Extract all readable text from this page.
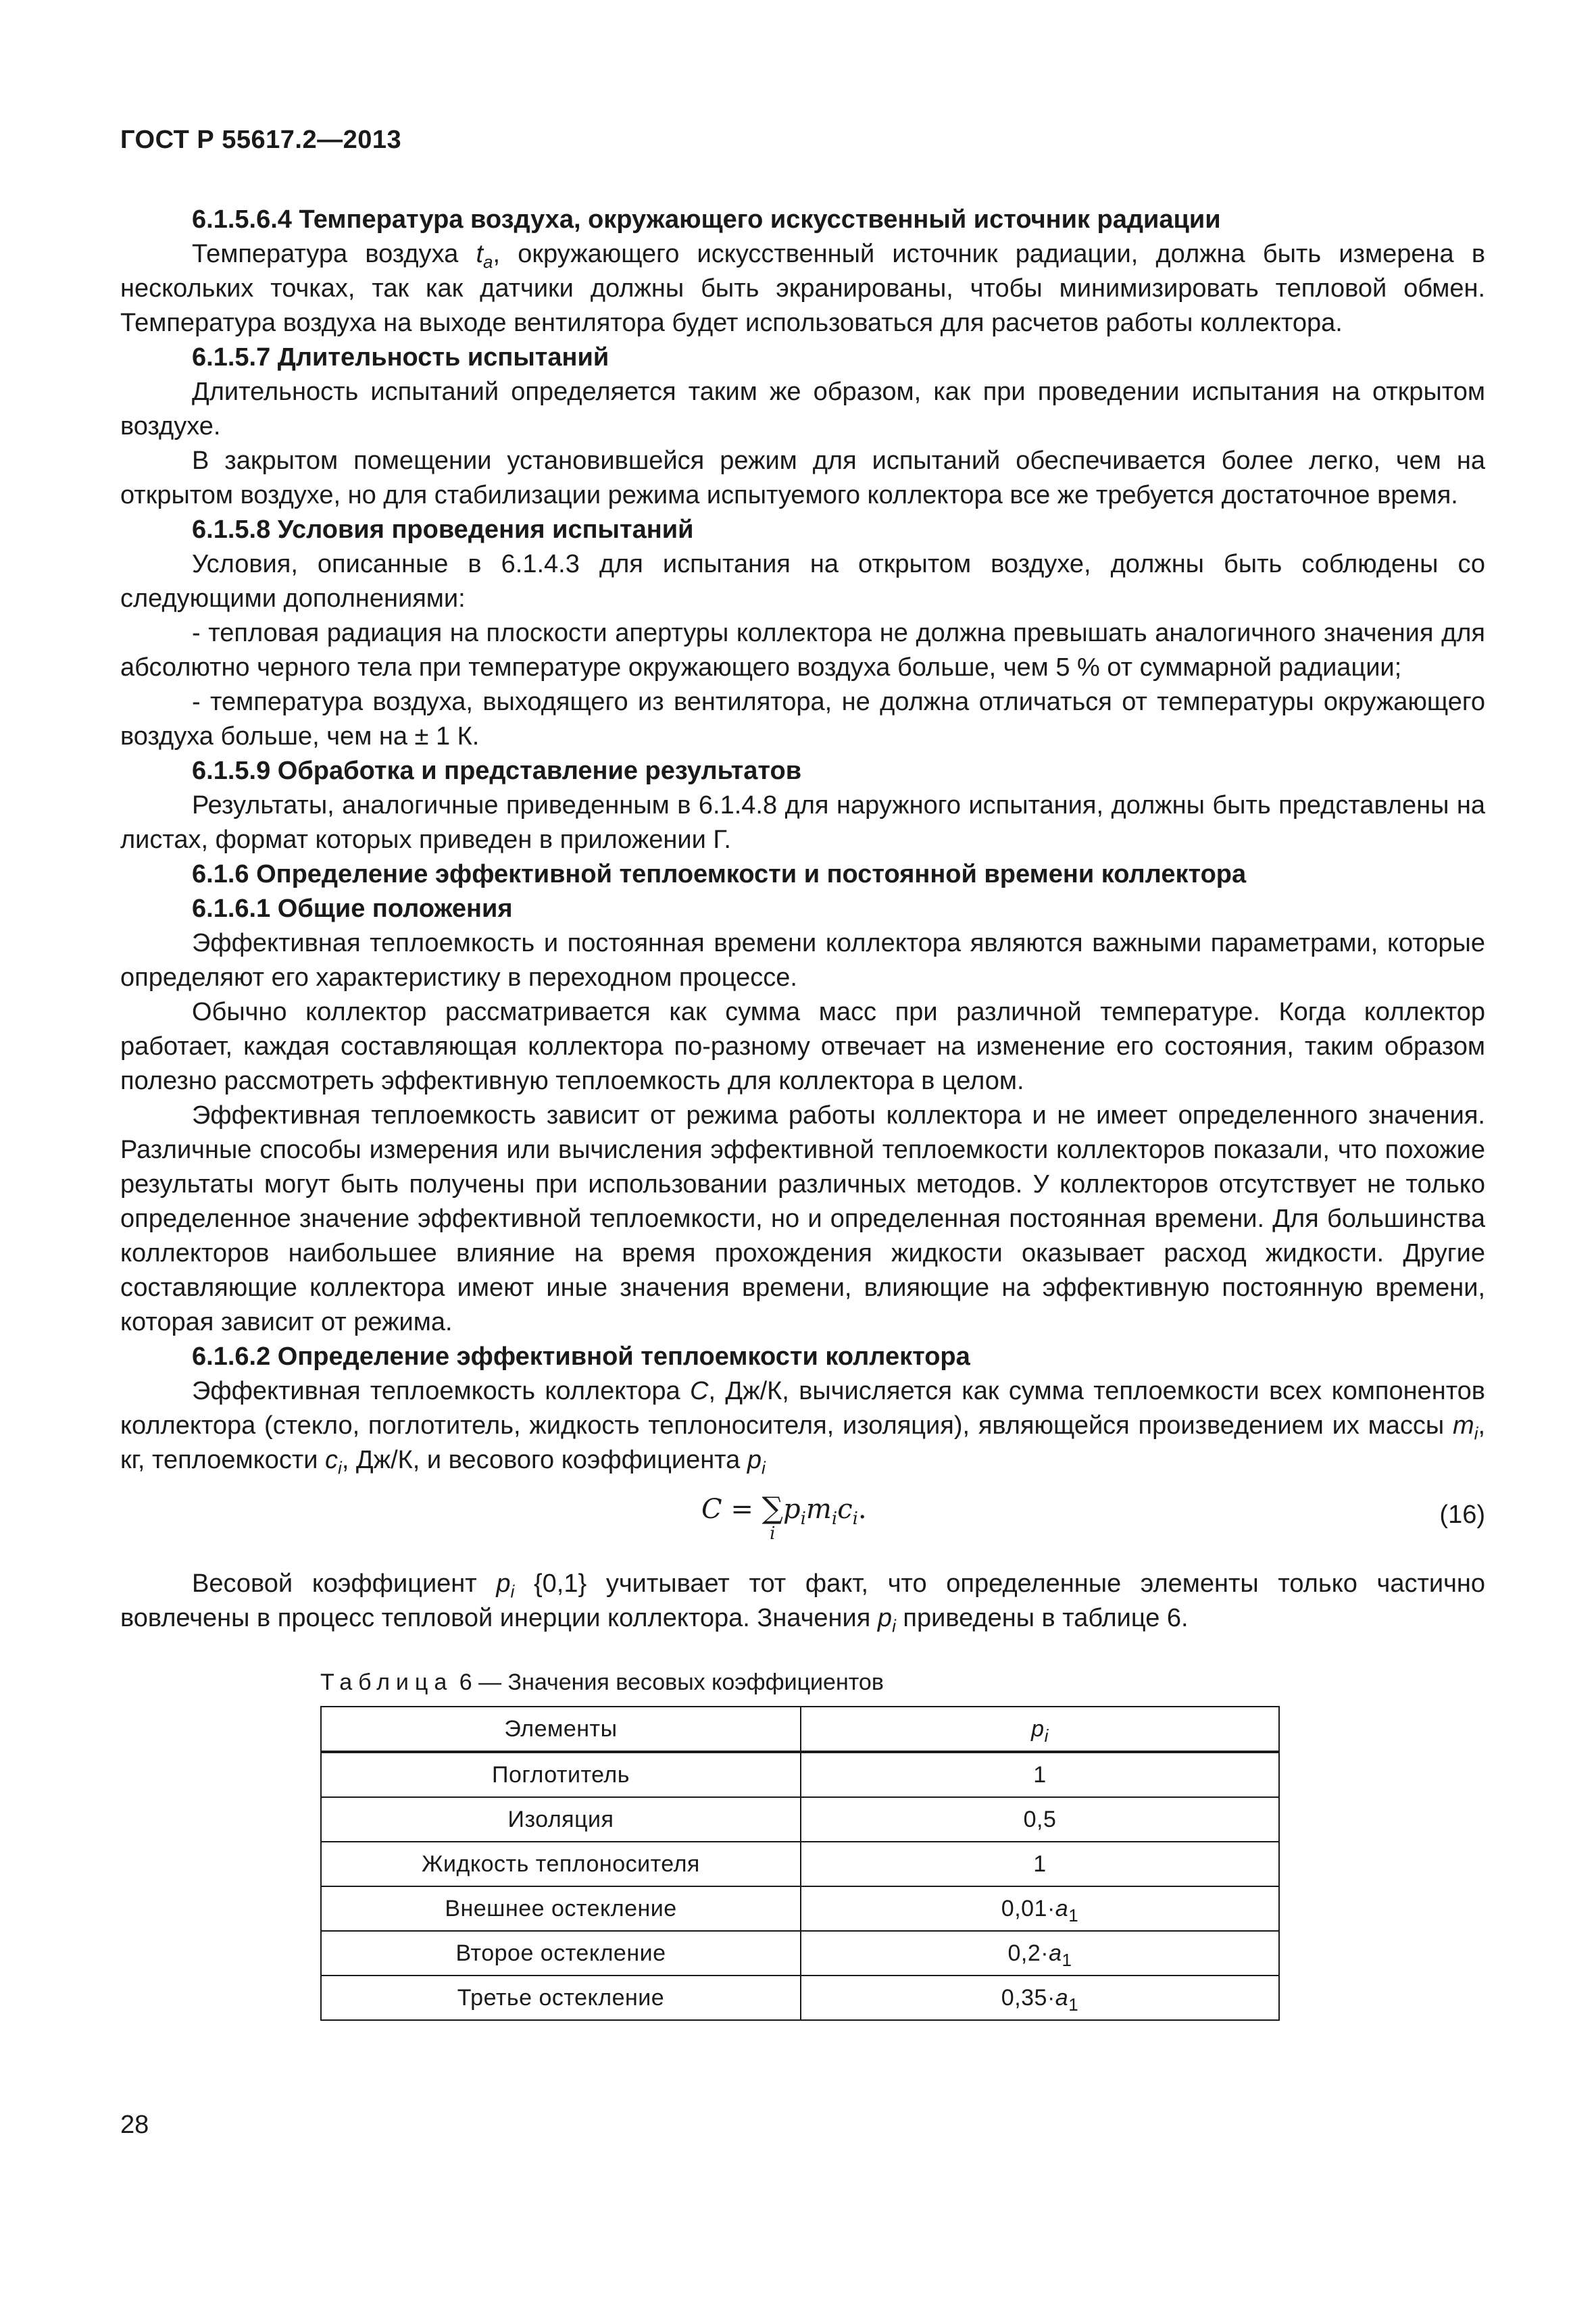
ГОСТ Р 55617.2—2013

6.1.5.6.4 Температура воздуха, окружающего искусственный источник радиации

Температура воздуха $t_a$, окружающего искусственный источник радиации, должна быть измерена в нескольких точках, так как датчики должны быть экранированы, чтобы минимизировать тепловой обмен. Температура воздуха на выходе вентилятора будет использоваться для расчетов работы коллектора.

6.1.5.7 Длительность испытаний

Длительность испытаний определяется таким же образом, как при проведении испытания на открытом воздухе.

В закрытом помещении установившейся режим для испытаний обеспечивается более легко, чем на открытом воздухе, но для стабилизации режима испытуемого коллектора все же требуется достаточное время.

6.1.5.8 Условия проведения испытаний

Условия, описанные в 6.1.4.3 для испытания на открытом воздухе, должны быть соблюдены со следующими дополнениями:

- тепловая радиация на плоскости апертуры коллектора не должна превышать аналогичного значения для абсолютно черного тела при температуре окружающего воздуха больше, чем 5 % от суммарной радиации;

- температура воздуха, выходящего из вентилятора, не должна отличаться от температуры окружающего воздуха больше, чем на ± 1 К.

6.1.5.9 Обработка и представление результатов

Результаты, аналогичные приведенным в 6.1.4.8 для наружного испытания, должны быть представлены на листах, формат которых приведен в приложении Г.

6.1.6 Определение эффективной теплоемкости и постоянной времени коллектора

6.1.6.1 Общие положения

Эффективная теплоемкость и постоянная времени коллектора являются важными параметрами, которые определяют его характеристику в переходном процессе.

Обычно коллектор рассматривается как сумма масс при различной температуре. Когда коллектор работает, каждая составляющая коллектора по-разному отвечает на изменение его состояния, таким образом полезно рассмотреть эффективную теплоемкость для коллектора в целом.

Эффективная теплоемкость зависит от режима работы коллектора и не имеет определенного значения. Различные способы измерения или вычисления эффективной теплоемкости коллекторов показали, что похожие результаты могут быть получены при использовании различных методов. У коллекторов отсутствует не только определенное значение эффективной теплоемкости, но и определенная постоянная времени. Для большинства коллекторов наибольшее влияние на время прохождения жидкости оказывает расход жидкости. Другие составляющие коллектора имеют иные значения времени, влияющие на эффективную постоянную времени, которая зависит от режима.

6.1.6.2 Определение эффективной теплоемкости коллектора

Эффективная теплоемкость коллектора C, Дж/К, вычисляется как сумма теплоемкости всех компонентов коллектора (стекло, поглотитель, жидкость теплоносителя, изоляция), являющейся произведением их массы $m_i$, кг, теплоемкости $c_i$, Дж/К, и весового коэффициента $p_i$

C = ∑
i
$p_im_ic_i$.	(16)

Весовой коэффициент $p_i$ {0,1} учитывает тот факт, что определенные элементы только частично вовлечены в процесс тепловой инерции коллектора. Значения $p_i$ приведены в таблице 6.

Таблица 6 — Значения весовых коэффициентов
Элементы	$p_i$
Поглотитель	1
Изоляция	0,5
Жидкость теплоносителя	1
Внешнее остекление	$0,01\cdot a_1$
Второе остекление	$0,2\cdot a_1$
Третье остекление	$0,35\cdot a_1$
28
